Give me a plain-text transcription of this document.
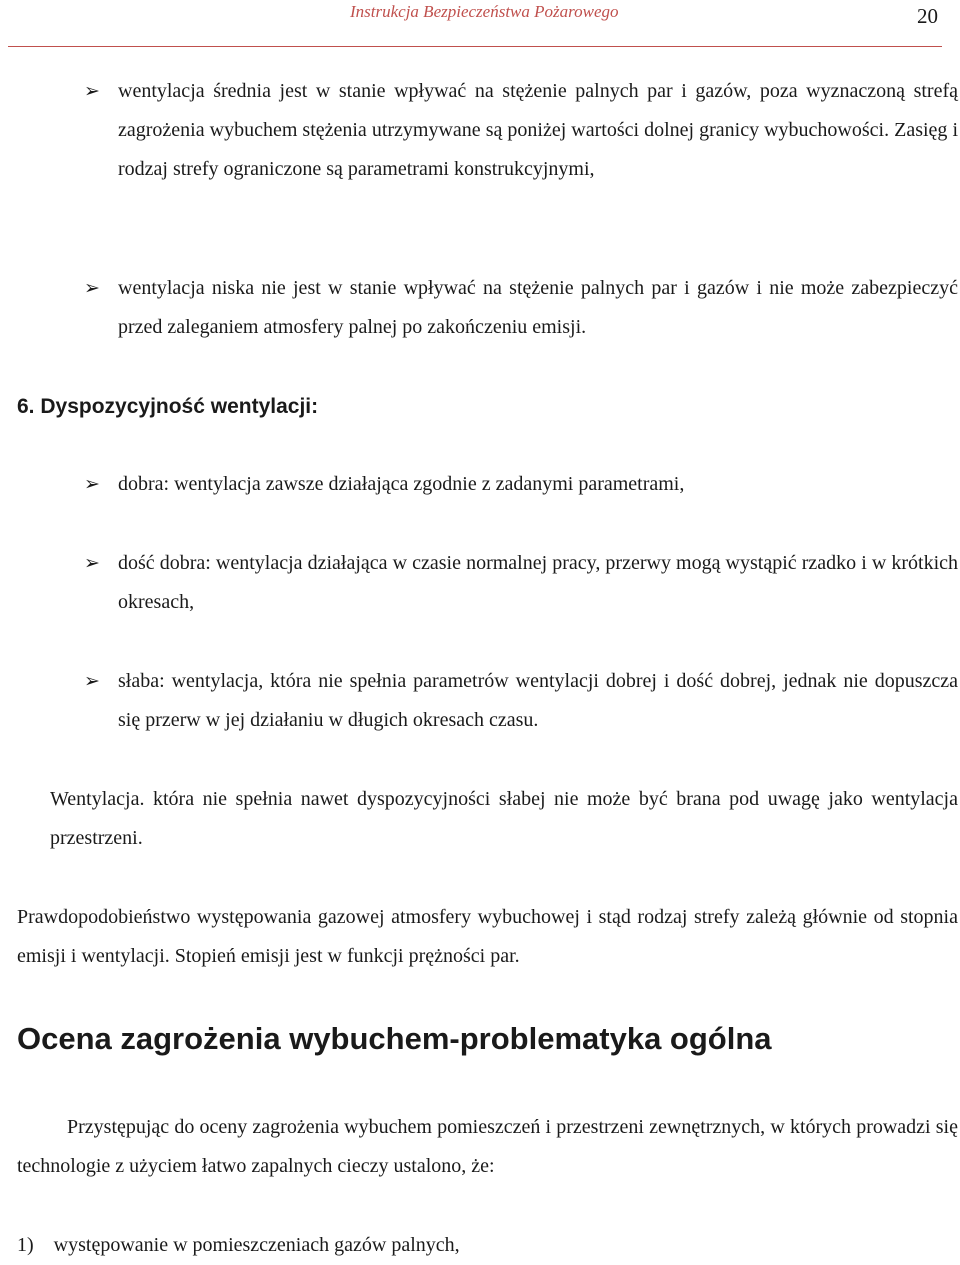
Instrukcja Bezpieczeństwa Pożarowego	20
➢ wentylacja średnia jest w stanie wpływać na stężenie palnych par i gazów, poza wyznaczoną strefą zagrożenia wybuchem stężenia utrzymywane są poniżej wartości dolnej granicy wybuchowości. Zasięg i rodzaj strefy ograniczone są parametrami konstrukcyjnymi,

➢ wentylacja niska nie jest w stanie wpływać na stężenie palnych par i gazów i nie może zabezpieczyć przed zaleganiem atmosfery palnej po zakończeniu emisji.

6. Dyspozycyjność wentylacji:
➢ dobra: wentylacja zawsze działająca zgodnie z zadanymi parametrami,

➢ dość dobra: wentylacja działająca w czasie normalnej pracy, przerwy mogą wystąpić rzadko i w krótkich okresach,

➢ słaba: wentylacja, która nie spełnia parametrów wentylacji dobrej i dość dobrej, jednak nie dopuszcza się przerw w jej działaniu w długich okresach czasu.

Wentylacja. która nie spełnia nawet dyspozycyjności słabej nie może być brana pod uwagę jako wentylacja przestrzeni.

Prawdopodobieństwo występowania gazowej atmosfery wybuchowej i stąd rodzaj strefy zależą głównie od stopnia emisji i wentylacji. Stopień emisji jest w funkcji prężności par.

Ocena zagrożenia wybuchem-problematyka ogólna

Przystępując do oceny zagrożenia wybuchem pomieszczeń i przestrzeni zewnętrznych, w których prowadzi się technologie z użyciem łatwo zapalnych cieczy ustalono, że:

1) występowanie w pomieszczeniach gazów palnych,
